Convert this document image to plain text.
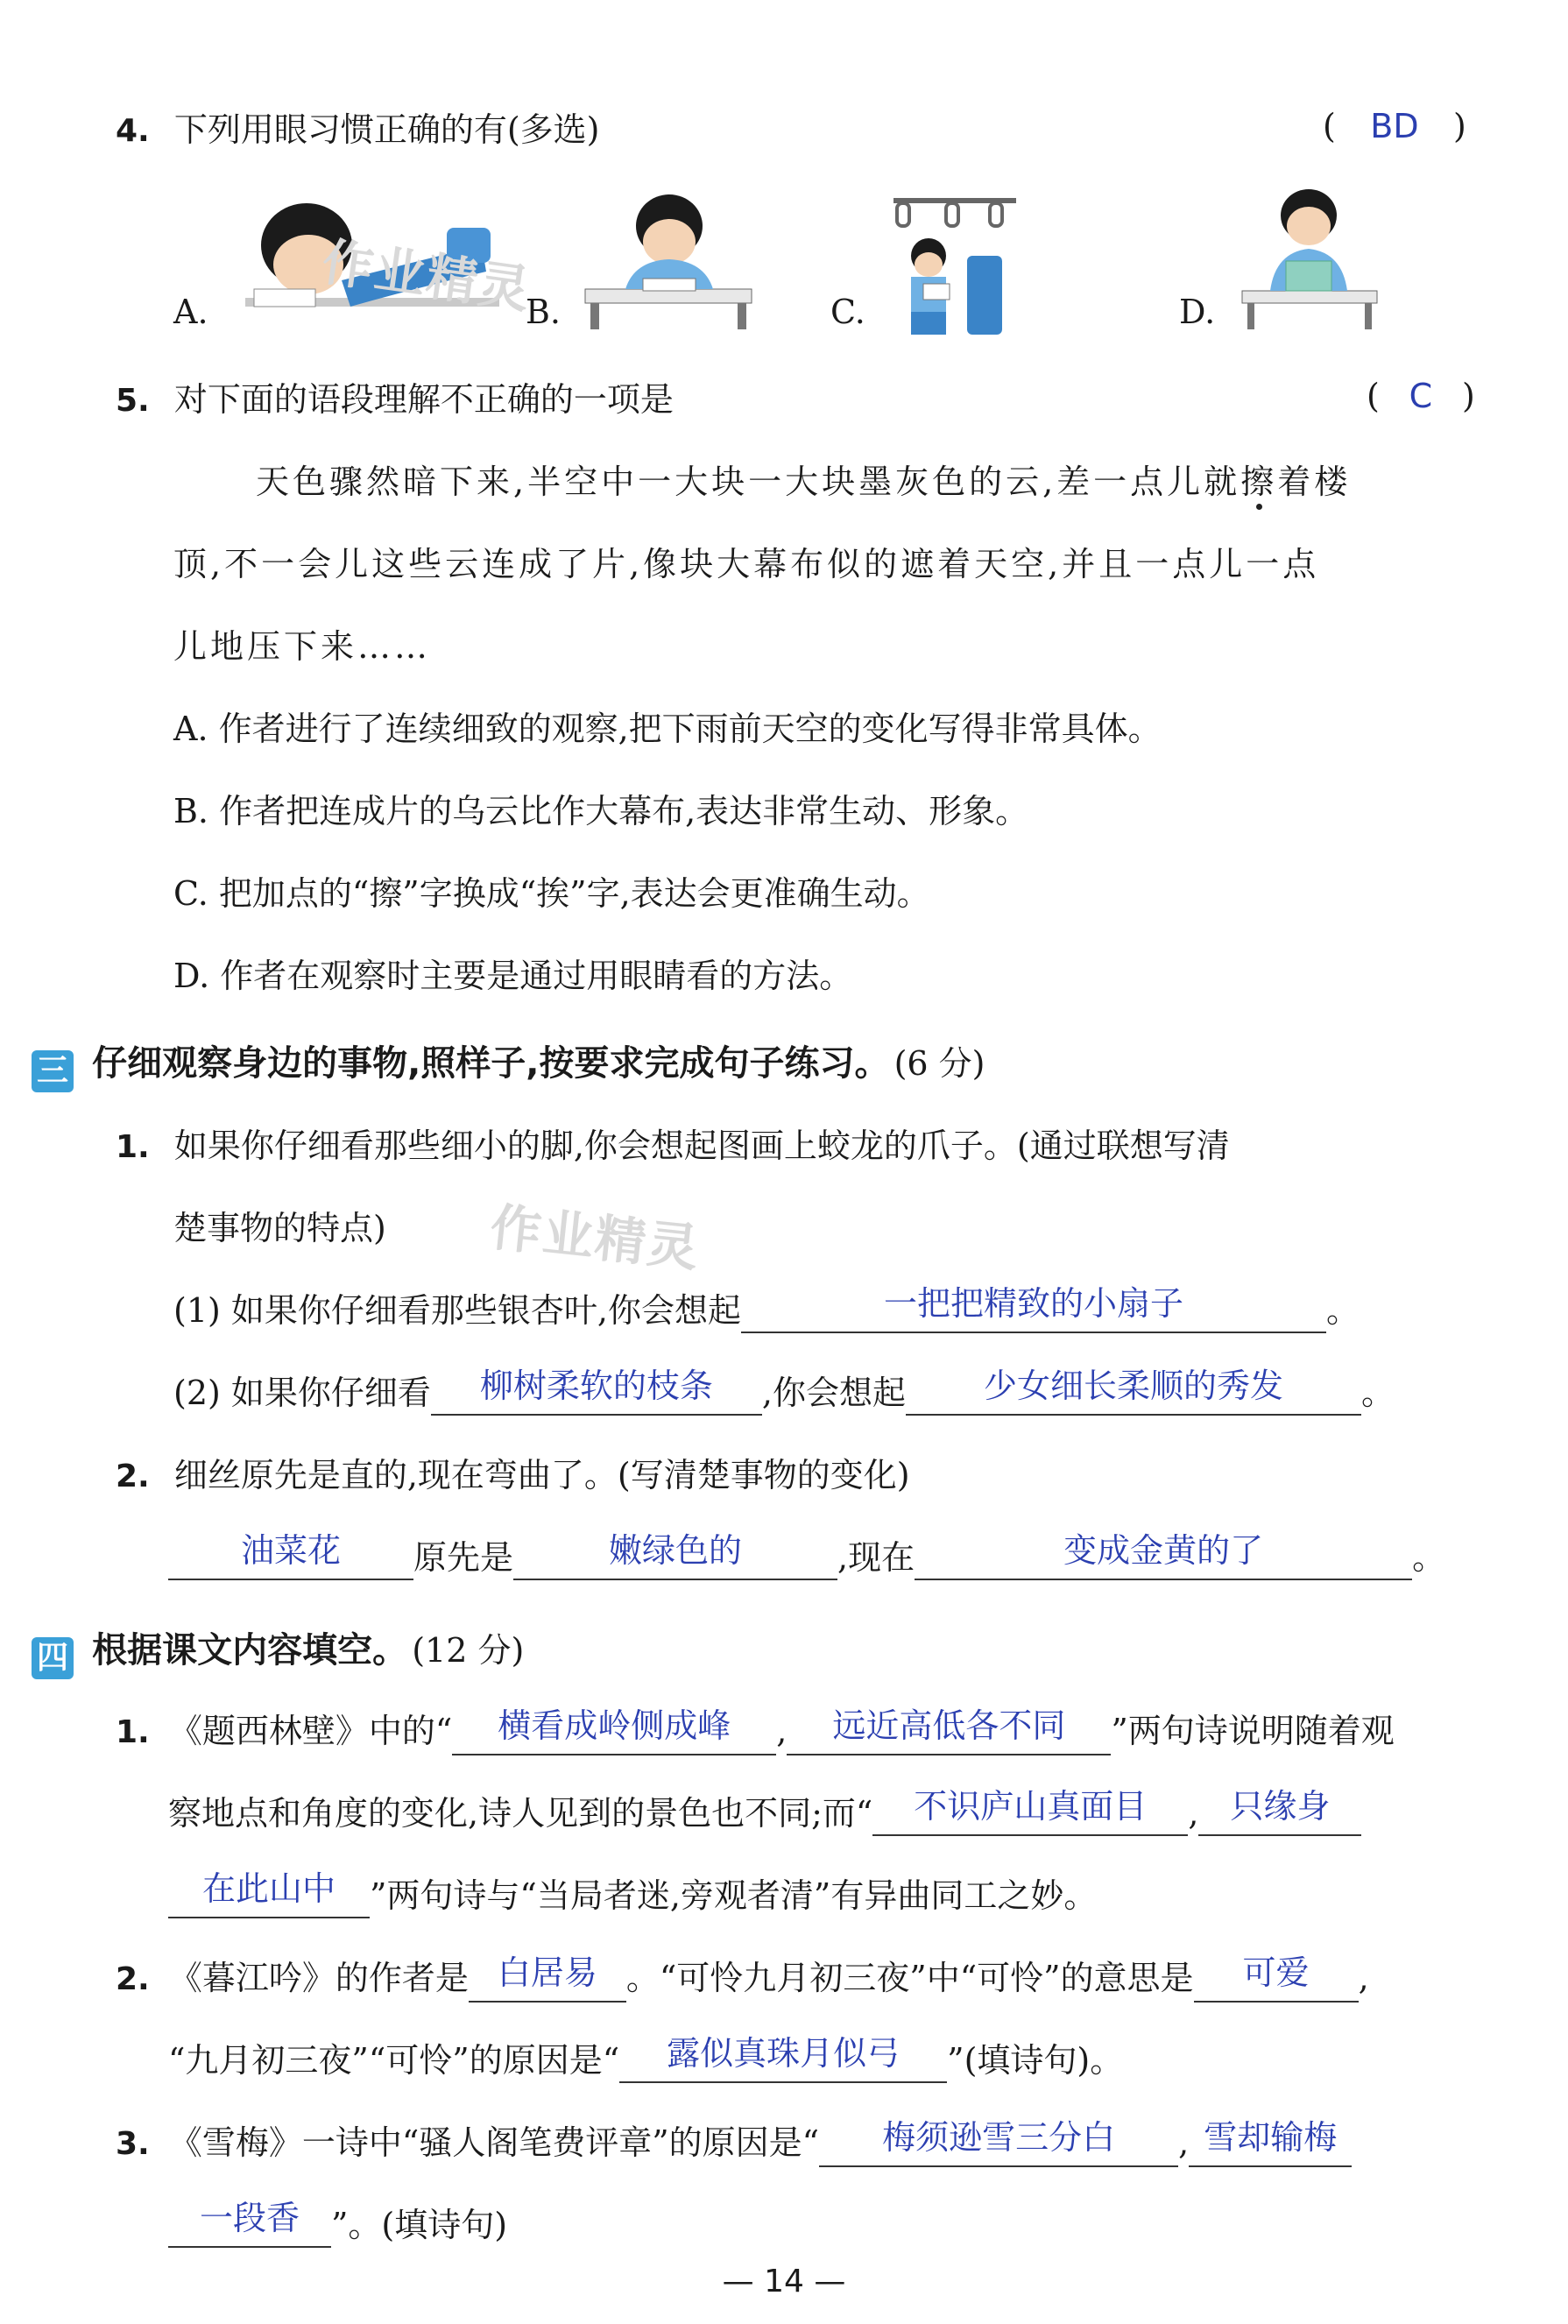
4. 下列用眼习惯正确的有(多选)	( BD )
A.	B.	C.	D.
作业精灵
5. 对下面的语段理解不正确的一项是	( C )
天色骤然暗下来,半空中一大块一大块墨灰色的云,差一点儿就擦着楼
顶,不一会儿这些云连成了片,像块大幕布似的遮着天空,并且一点儿一点
儿地压下来……
A. 作者进行了连续细致的观察,把下雨前天空的变化写得非常具体。
B. 作者把连成片的乌云比作大幕布,表达非常生动、形象。
C. 把加点的“擦”字换成“挨”字,表达会更准确生动。
D. 作者在观察时主要是通过用眼睛看的方法。
三 仔细观察身边的事物,照样子,按要求完成句子练习。 (6 分)
1. 如果你仔细看那些细小的脚,你会想起图画上蛟龙的爪子。(通过联想写清
楚事物的特点) 作业精灵
(1) 如果你仔细看那些银杏叶,你会想起	一把把精致的小扇子	。
(2) 如果你仔细看 柳树柔软的枝条 ,你会想起 少女细长柔顺的秀发 。
2. 细丝原先是直的,现在弯曲了。(写清楚事物的变化)
油菜花 原先是	嫩绿色的	,现在	变成金黄的了	。
四 根据课文内容填空。 (12 分)
1. 《题西林壁》中的“ 横看成岭侧成峰 , 远近高低各不同 ”两句诗说明随着观
察地点和角度的变化,诗人见到的景色也不同;而“ 不识庐山真面目 , 只缘身
在此山中 ”两句诗与“当局者迷,旁观者清”有异曲同工之妙。
2. 《暮江吟》的作者是 白居易 。“可怜九月初三夜”中“可怜”的意思是 可爱 ,
“九月初三夜”“可怜”的原因是“ 露似真珠月似弓 ”(填诗句)。
3. 《雪梅》一诗中“骚人阁笔费评章”的原因是“ 梅须逊雪三分白 , 雪却输梅
一段香 ”。(填诗句)
— 14 —
